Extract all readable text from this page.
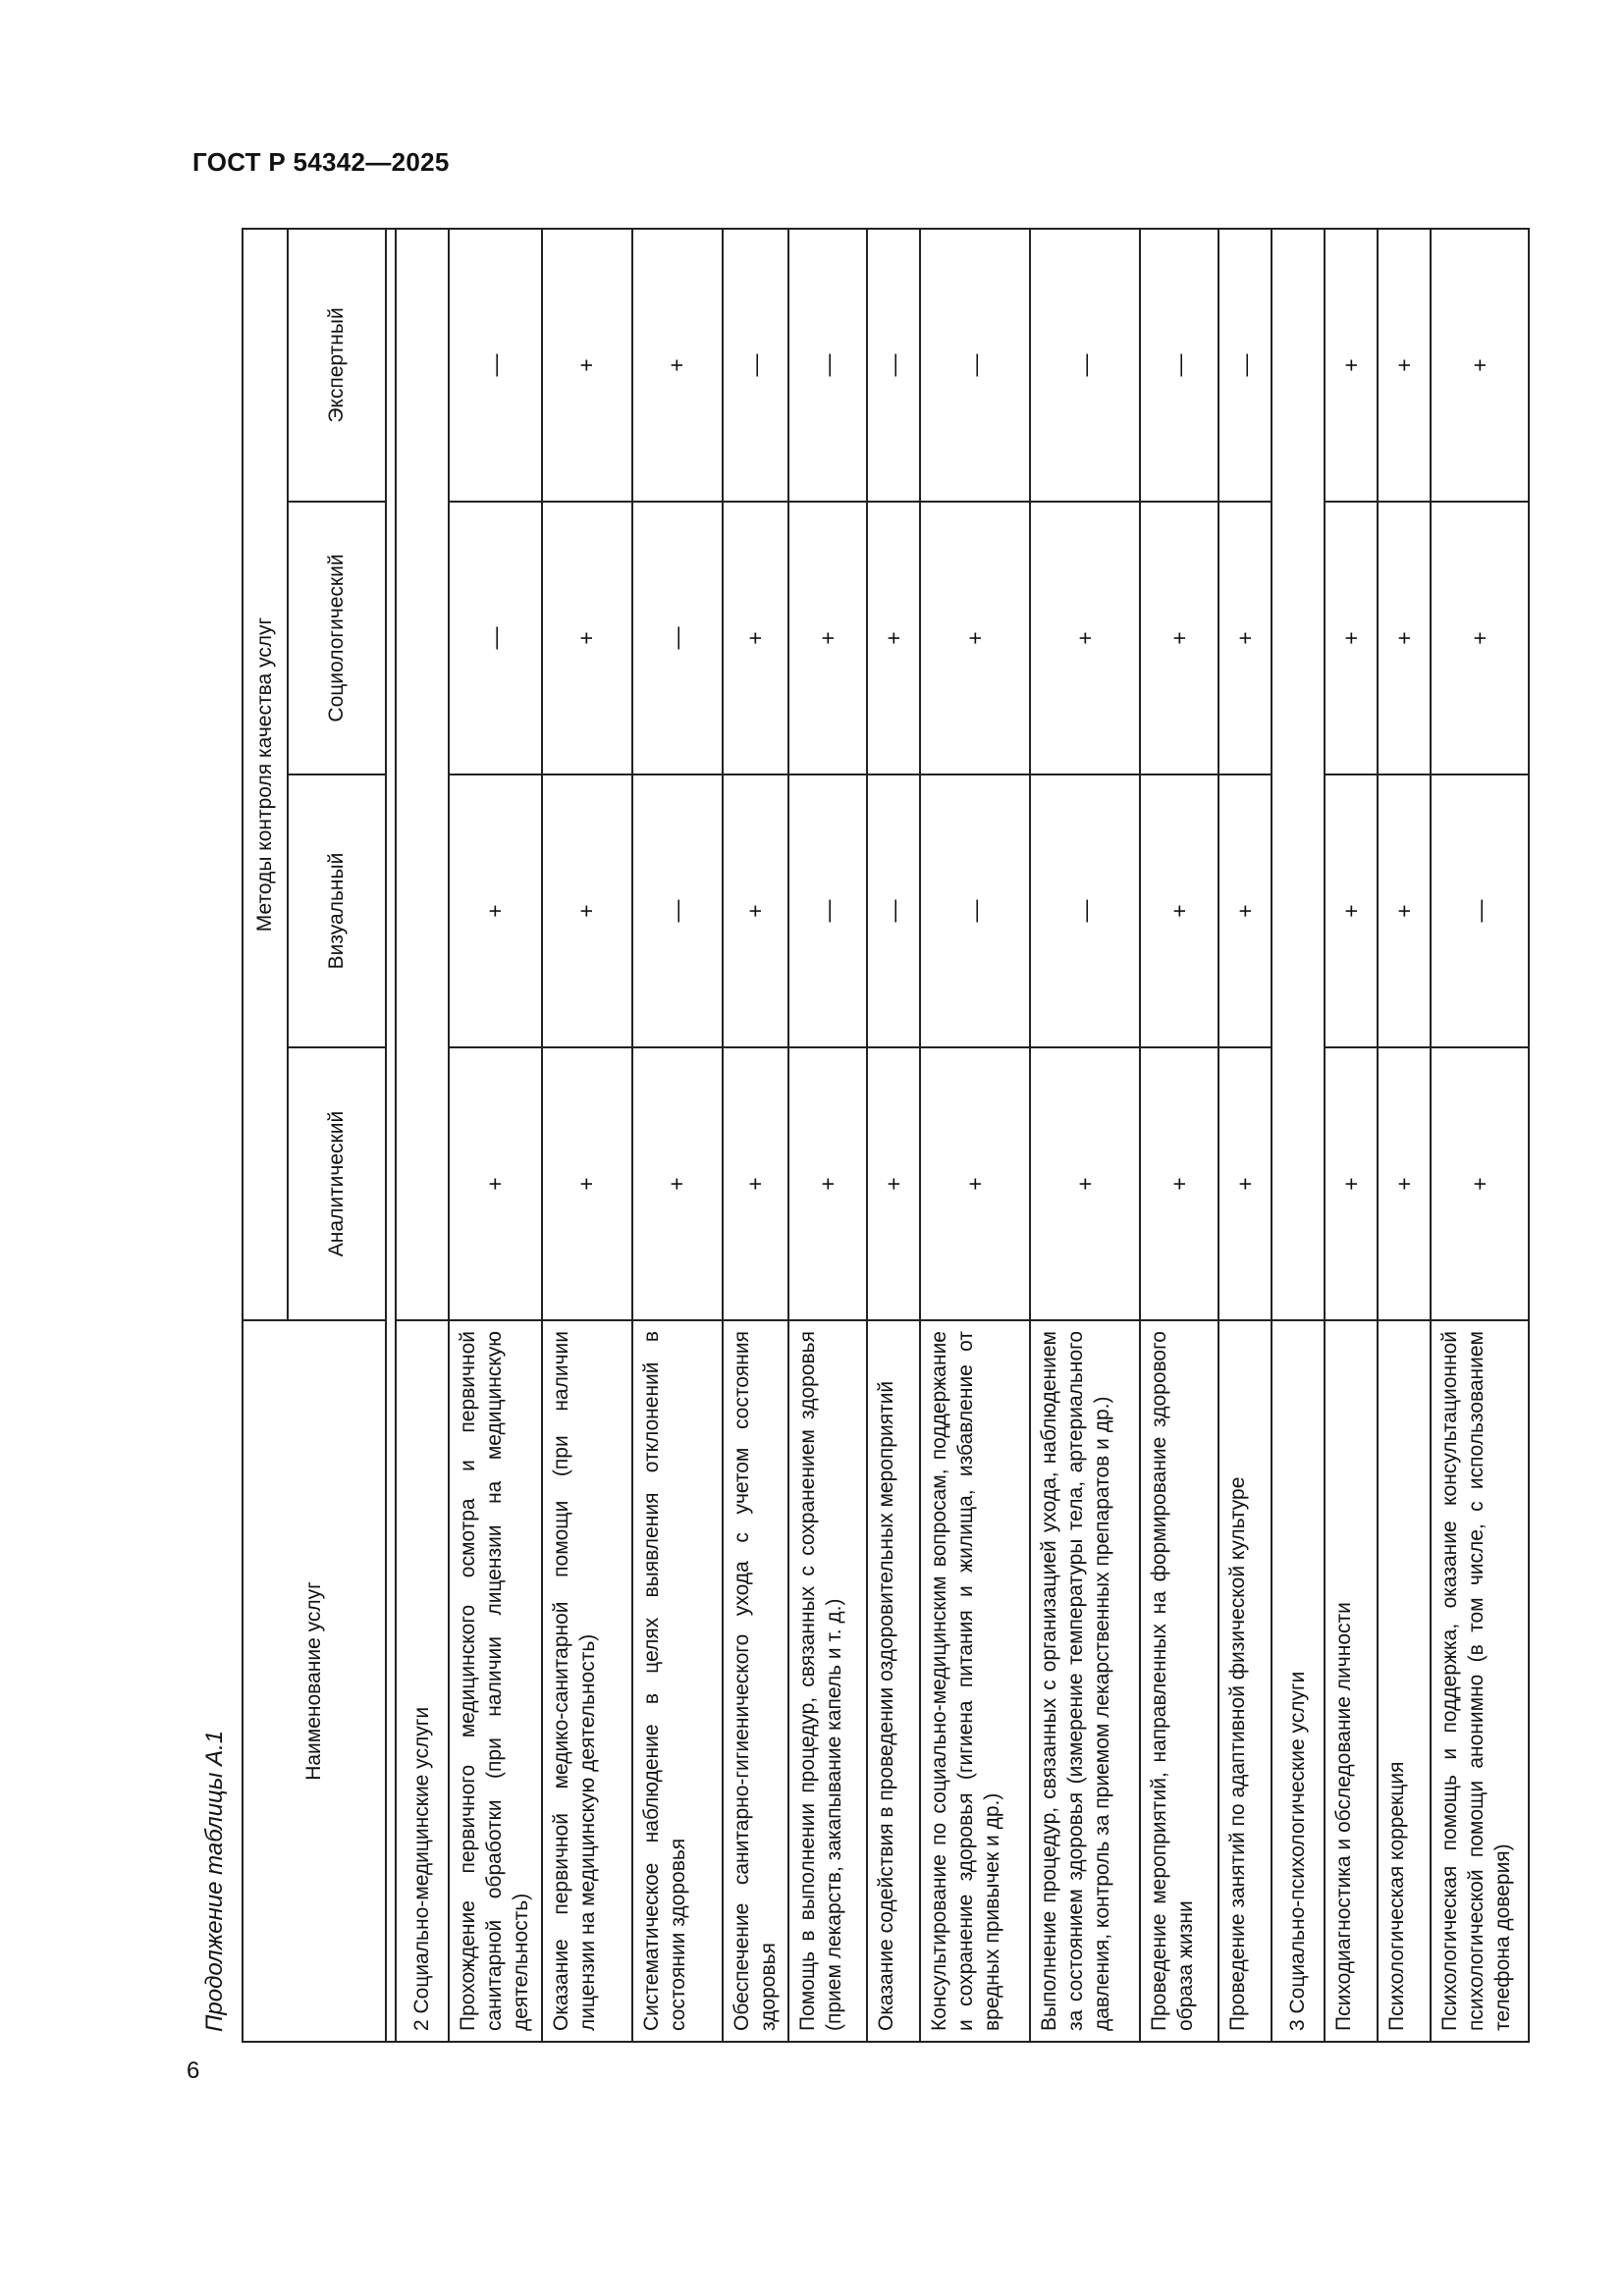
ГОСТ Р 54342—2025
6
Продолжение таблицы А.1
Наименование услуг	Методы контроля качества услуг			
	Аналитический	Визуальный	Социологический	Экспертный

2 Социально-медицинские услуги				
Прохождение первичного медицинского осмотра и первичной санитарной обработки (при наличии лицензии на медицинскую деятельность)	+	+	—	—
Оказание первичной медико-санитарной помощи (при наличии лицензии на медицинскую деятельность)	+	+	+	+
Систематическое наблюдение в целях выявления отклонений в состоянии здоровья	+	—	—	+
Обеспечение санитарно-гигиенического ухода с учетом состояния здоровья	+	+	+	—
Помощь в выполнении процедур, связанных с сохранением здоровья (прием лекарств, закапывание капель и т. д.)	+	—	+	—
Оказание содействия в проведении оздоровительных мероприятий	+	—	+	—
Консультирование по социально-медицинским вопросам, поддержание и сохранение здоровья (гигиена питания и жилища, избавление от вредных привычек и др.)	+	—	+	—
Выполнение процедур, связанных с организацией ухода, наблюдением за состоянием здоровья (измерение температуры тела, артериального давления, контроль за приемом лекарственных препаратов и др.)	+	—	+	—
Проведение мероприятий, направленных на формирование здорового образа жизни	+	+	+	—
Проведение занятий по адаптивной физической культуре	+	+	+	—
3 Социально-психологические услуги				
Психодиагностика и обследование личности	+	+	+	+
Психологическая коррекция	+	+	+	+
Психологическая помощь и поддержка, оказание консультационной психологической помощи анонимно (в том числе, с использованием телефона доверия)	+	—	+	+
